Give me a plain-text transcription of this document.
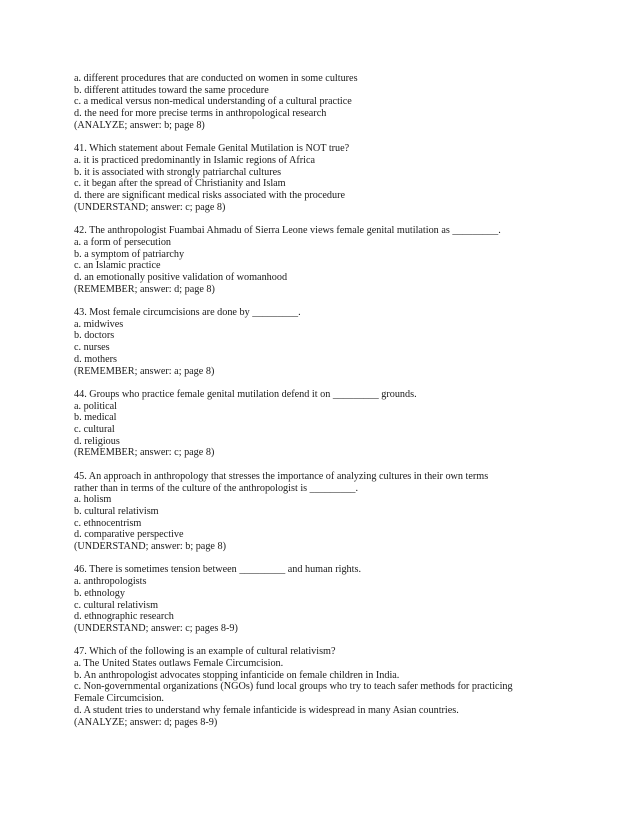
a. different procedures that are conducted on women in some cultures
b. different attitudes toward the same procedure
c. a medical versus non-medical understanding of a cultural practice
d. the need for more precise terms in anthropological research
(ANALYZE; answer: b; page 8)
41. Which statement about Female Genital Mutilation is NOT true?
a. it is practiced predominantly in Islamic regions of Africa
b. it is associated with strongly patriarchal cultures
c. it began after the spread of Christianity and Islam
d. there are significant medical risks associated with the procedure
(UNDERSTAND; answer: c; page 8)
42. The anthropologist Fuambai Ahmadu of Sierra Leone views female genital mutilation as _________.
a. a form of persecution
b. a symptom of patriarchy
c. an Islamic practice
d. an emotionally positive validation of womanhood
(REMEMBER; answer: d; page 8)
43. Most female circumcisions are done by _________.
a. midwives
b. doctors
c. nurses
d. mothers
(REMEMBER; answer: a; page 8)
44. Groups who practice female genital mutilation defend it on _________ grounds.
a. political
b. medical
c. cultural
d. religious
(REMEMBER; answer: c; page 8)
45. An approach in anthropology that stresses the importance of analyzing cultures in their own terms
rather than in terms of the culture of the anthropologist is _________.
a. holism
b. cultural relativism
c. ethnocentrism
d. comparative perspective
(UNDERSTAND; answer: b; page 8)
46. There is sometimes tension between _________ and human rights.
a. anthropologists
b. ethnology
c. cultural relativism
d. ethnographic research
(UNDERSTAND; answer: c; pages 8-9)
47. Which of the following is an example of cultural relativism?
a. The United States outlaws Female Circumcision.
b. An anthropologist advocates stopping infanticide on female children in India.
c. Non-governmental organizations (NGOs) fund local groups who try to teach safer methods for practicing
Female Circumcision.
d. A student tries to understand why female infanticide is widespread in many Asian countries.
(ANALYZE; answer: d; pages 8-9)
